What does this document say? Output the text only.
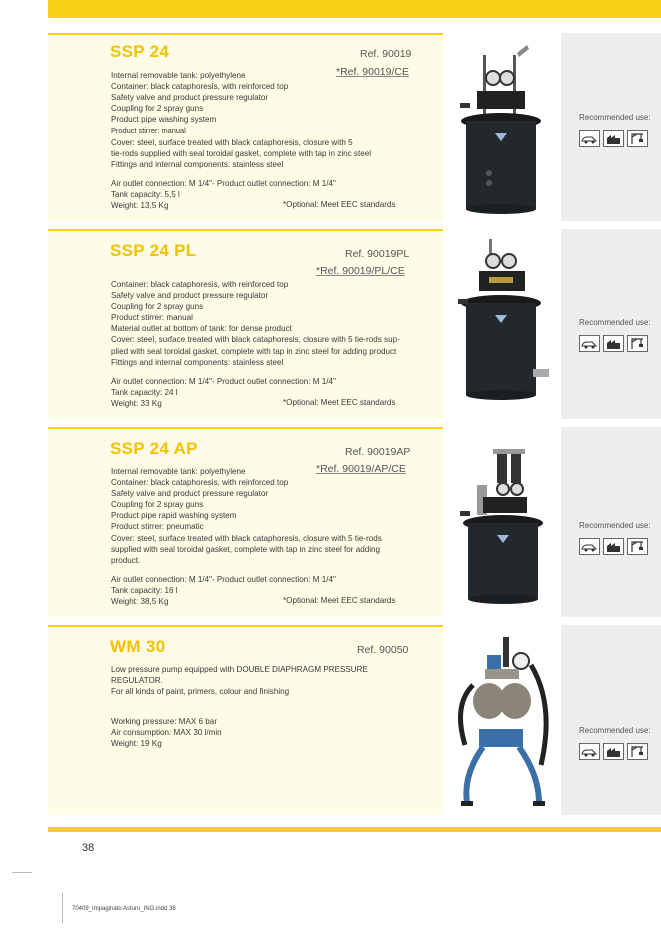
SSP 24	Ref. 90019
*Ref. 90019/CE
Internal removable tank: polyethylene
Container: black cataphoresis, with reinforced top
Safety valve and product pressure regulator
Coupling for 2 spray guns
Product pipe washing system
Product stirrer: manual
Cover: steel, surface treated with black cataphoresis, closure with 5
tie-rods supplied with seal toroidal gasket, complete with tap in zinc steel
Fittings and internal components: stainless steel
Air outlet connection: M 1/4"- Product outlet connection: M 1/4"
Tank capacity: 5,5 l
Weight: 13,5 Kg	*Optional: Meet EEC standards
Recommended use:
SSP 24 PL	Ref. 90019PL
*Ref. 90019/PL/CE
Container: black cataphoresis, with reinforced top
Safety valve and product pressure regulator
Coupling for 2 spray guns
Product stirrer: manual
Material outlet at bottom of tank: for dense product
Cover: steel, surface treated with black cataphoresis, closure with 5 tie-rods sup-
plied with seal toroidal gasket, complete with tap in zinc steel for adding product
Fittings and internal components: stainless steel
Air outlet connection: M 1/4"- Product outlet connection: M 1/4"
Tank capacity: 24 l
Weight: 33 Kg	*Optional: Meet EEC standards
Recommended use:
SSP 24 AP	Ref. 90019AP
*Ref. 90019/AP/CE
Internal removable tank: polyethylene
Container: black cataphoresis, with reinforced top
Safety valve and product pressure regulator
Coupling for 2 spray guns
Product pipe rapid washing system
Product stirrer: pneumatic
Cover: steel, surface treated with black cataphoresis, closure with 5 tie-rods
supplied with seal toroidal gasket, complete with tap in zinc steel for adding
product.
Air outlet connection: M 1/4"- Product outlet connection: M 1/4"
Tank capacity: 16 l
Weight: 38,5 Kg	*Optional: Meet EEC standards
Recommended use:
WM 30	Ref. 90050
Low pressure pump equipped with DOUBLE DIAPHRAGM PRESSURE
REGULATOR.
For all kinds of paint, primers, colour and finishing
Working pressure: MAX 6 bar
Air consumption: MAX 30 l/min
Weight: 19 Kg
Recommended use:
38
70409_Impaginato Asturo_ING.indd 38
